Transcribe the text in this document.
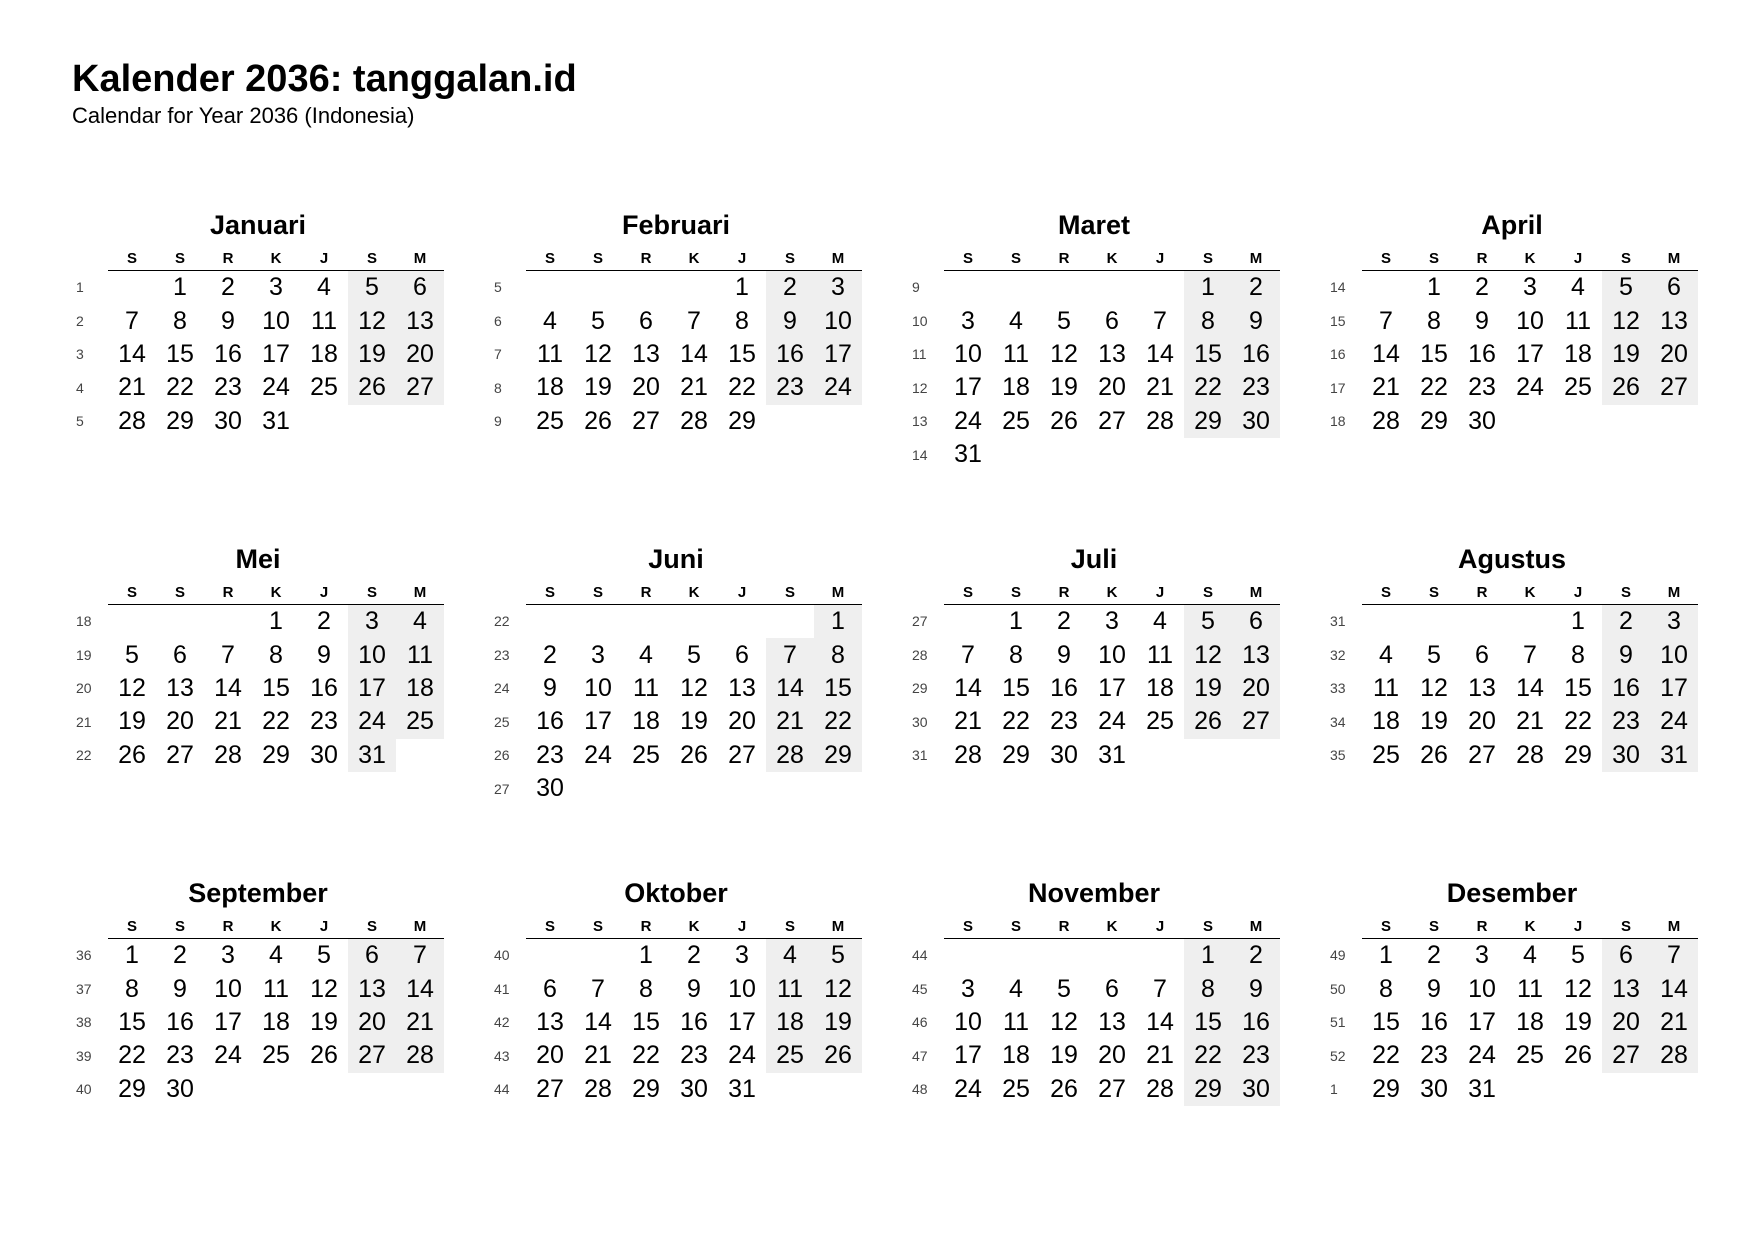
Kalender 2036: tanggalan.id

Calendar for Year 2036 (Indonesia)

Januari
	S	S	R	K	J	S	M
1		1	2	3	4	5	6
2	7	8	9	10	11	12	13
3	14	15	16	17	18	19	20
4	21	22	23	24	25	26	27
5	28	29	30	31			
Februari
	S	S	R	K	J	S	M
5					1	2	3
6	4	5	6	7	8	9	10
7	11	12	13	14	15	16	17
8	18	19	20	21	22	23	24
9	25	26	27	28	29		
Maret
	S	S	R	K	J	S	M
9						1	2
10	3	4	5	6	7	8	9
11	10	11	12	13	14	15	16
12	17	18	19	20	21	22	23
13	24	25	26	27	28	29	30
14	31						
April
	S	S	R	K	J	S	M
14		1	2	3	4	5	6
15	7	8	9	10	11	12	13
16	14	15	16	17	18	19	20
17	21	22	23	24	25	26	27
18	28	29	30				
Mei
	S	S	R	K	J	S	M
18				1	2	3	4
19	5	6	7	8	9	10	11
20	12	13	14	15	16	17	18
21	19	20	21	22	23	24	25
22	26	27	28	29	30	31	
Juni
	S	S	R	K	J	S	M
22							1
23	2	3	4	5	6	7	8
24	9	10	11	12	13	14	15
25	16	17	18	19	20	21	22
26	23	24	25	26	27	28	29
27	30						
Juli
	S	S	R	K	J	S	M
27		1	2	3	4	5	6
28	7	8	9	10	11	12	13
29	14	15	16	17	18	19	20
30	21	22	23	24	25	26	27
31	28	29	30	31			
Agustus
	S	S	R	K	J	S	M
31					1	2	3
32	4	5	6	7	8	9	10
33	11	12	13	14	15	16	17
34	18	19	20	21	22	23	24
35	25	26	27	28	29	30	31
September
	S	S	R	K	J	S	M
36	1	2	3	4	5	6	7
37	8	9	10	11	12	13	14
38	15	16	17	18	19	20	21
39	22	23	24	25	26	27	28
40	29	30					
Oktober
	S	S	R	K	J	S	M
40			1	2	3	4	5
41	6	7	8	9	10	11	12
42	13	14	15	16	17	18	19
43	20	21	22	23	24	25	26
44	27	28	29	30	31		
November
	S	S	R	K	J	S	M
44						1	2
45	3	4	5	6	7	8	9
46	10	11	12	13	14	15	16
47	17	18	19	20	21	22	23
48	24	25	26	27	28	29	30
Desember
	S	S	R	K	J	S	M
49	1	2	3	4	5	6	7
50	8	9	10	11	12	13	14
51	15	16	17	18	19	20	21
52	22	23	24	25	26	27	28
1	29	30	31				
